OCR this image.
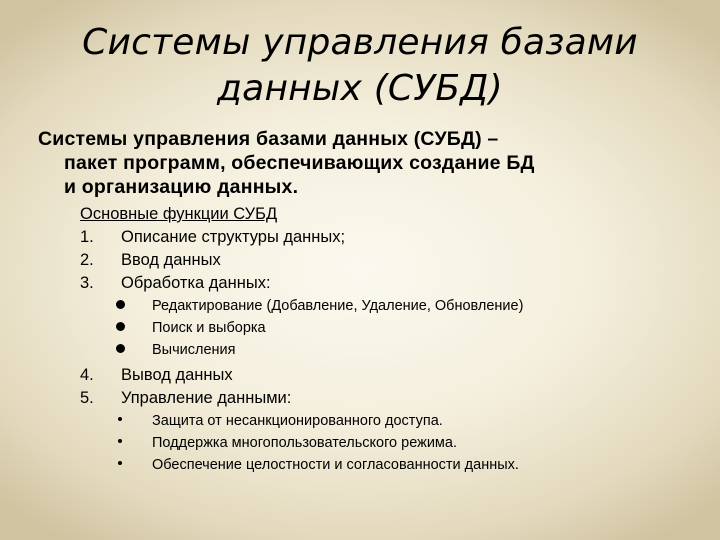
Системы управления базами
данных (СУБД)
Системы управления базами данных (СУБД) –
пакет программ, обеспечивающих создание БД
и организацию данных.
Основные функции СУБД
1. Описание структуры данных;
2. Ввод данных
3. Обработка данных:
Редактирование (Добавление, Удаление, Обновление)
Поиск и выборка
Вычисления
4. Вывод данных
5. Управление данными:
Защита от несанкционированного доступа.
Поддержка многопользовательского режима.
Обеспечение целостности и согласованности данных.
